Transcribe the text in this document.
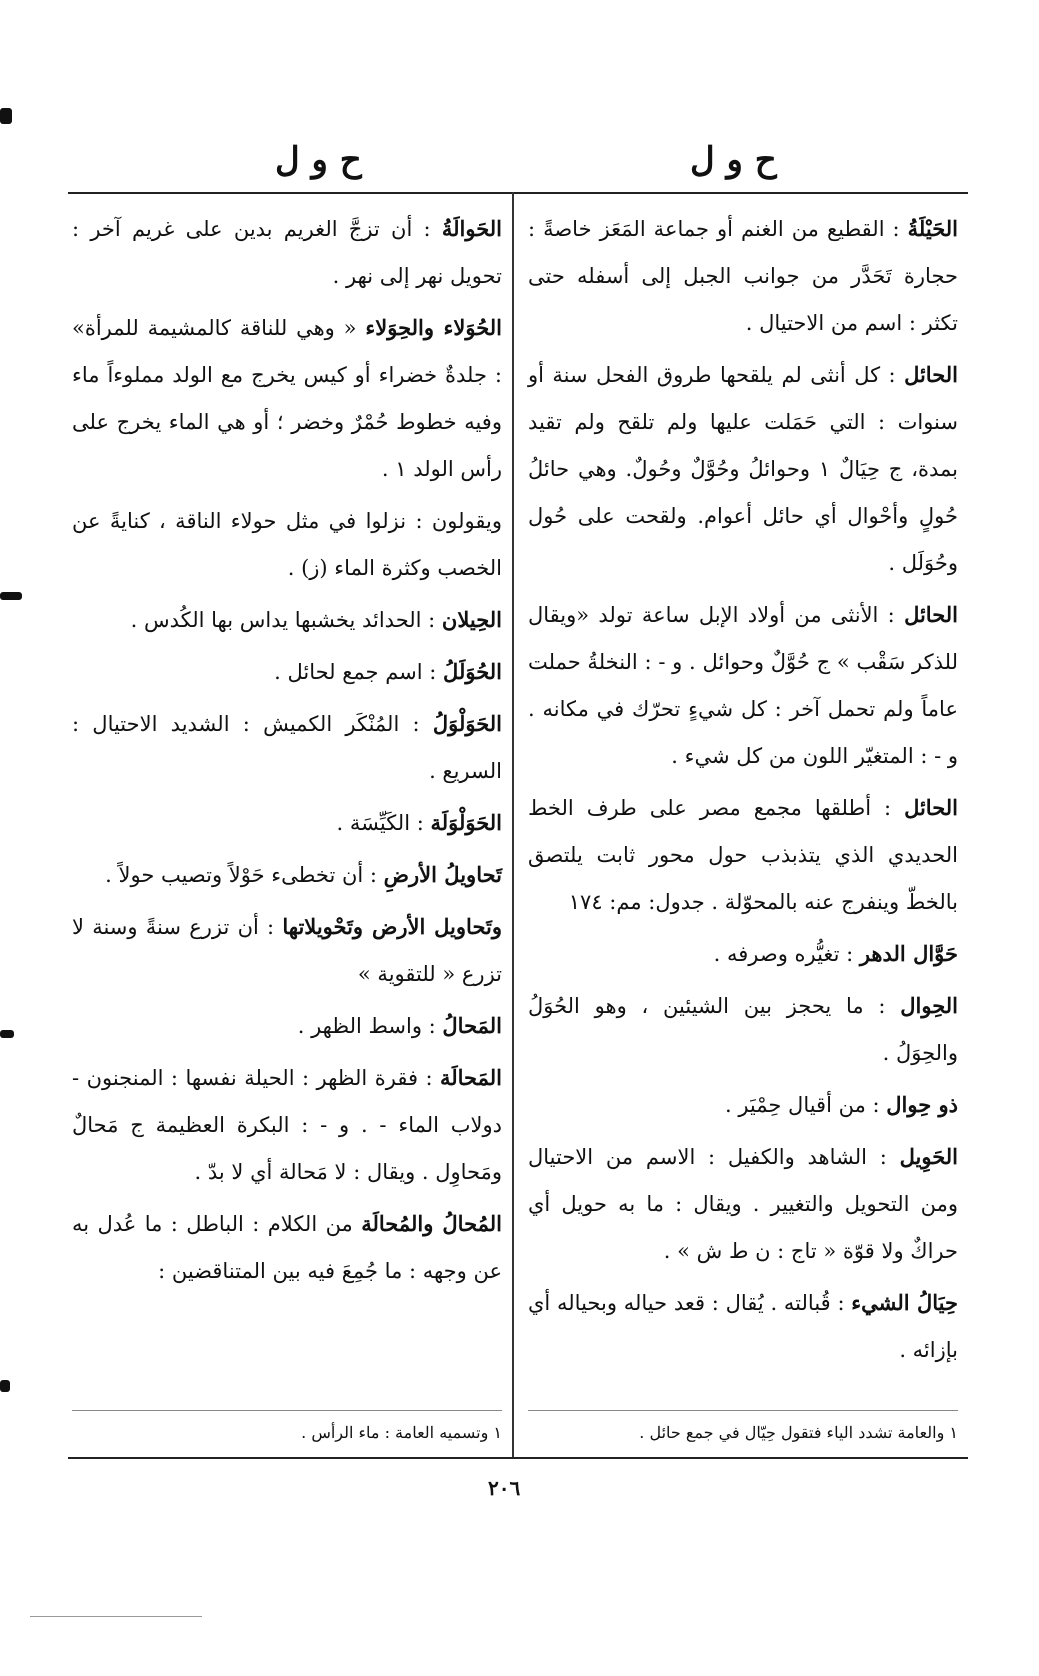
ح و ل
ح و ل

الحَيْلَةُ : القطيع من الغنم أو جماعة المَعَز خاصةً : حجارة تَحَدَّر من جوانب الجبل إلى أسفله حتى تكثر : اسم من الاحتيال .

الحائل : كل أنثى لم يلقحها طروق الفحل سنة أو سنوات : التي حَمَلت عليها ولم تلقح ولم تقيد بمدة، ج حِيَالٌ ١ وحوائلُ وحُوَّلٌ وحُولٌ. وهي حائلُ حُولٍ وأحْوال أي حائل أعوام. ولقحت على حُول وحُوَلَل .

الحائل : الأنثى من أولاد الإبل ساعة تولد «ويقال للذكر سَقْب » ج حُوَّلٌ وحوائل . و - : النخلةُ حملت عاماً ولم تحمل آخر : كل شيءٍ تحرّك في مكانه . و - : المتغيّر اللون من كل شيء .

الحائل : أطلقها مجمع مصر على طرف الخط الحديدي الذي يتذبذب حول محور ثابت يلتصق بالخطّ وينفرج عنه بالمحوّلة . جدول: مم: ١٧٤

حَوَّال الدهر : تغيُّره وصرفه .

الحِوال : ما يحجز بين الشيئين ، وهو الحُوَلُ والحِوَلُ .

ذو حِوال : من أقيال حِمْيَر .

الحَوِيل : الشاهد والكفيل : الاسم من الاحتيال ومن التحويل والتغيير . ويقال : ما به حويل أي حراكٌ ولا قوّة « تاج : ن ط ش » .

حِيَالُ الشيء : قُبالته . يُقال : قعد حياله وبحياله أي بإزائه .

الحَوالَةُ : أن تزجَّ الغريم بدين على غريم آخر : تحويل نهر إلى نهر .

الحُوَلاء والحِوَلاء « وهي للناقة كالمشيمة للمرأة» : جلدةٌ خضراء أو كيس يخرج مع الولد مملوءاً ماء وفيه خطوط حُمْرٌ وخضر ؛ أو هي الماء يخرج على رأس الولد ١ .

ويقولون : نزلوا في مثل حولاء الناقة ، كنايةً عن الخصب وكثرة الماء (ز) .

الحِيلان : الحدائد يخشبها يداس بها الكُدس .

الحُوَلَلُ : اسم جمع لحائل .

الحَوَلْوَلُ : المُنْكَر الكميش : الشديد الاحتيال : السريع .

الحَوَلْوَلَة : الكَيِّسَة .

تَحاويلُ الأرضِ : أن تخطىء حَوْلاً وتصيب حولاً .

وتَحاويل الأرض وتَحْويلاتها : أن تزرع سنةً وسنة لا تزرع « للتقوية »

المَحالُ : واسط الظهر .

المَحالَة : فقرة الظهر : الحيلة نفسها : المنجنون - دولاب الماء - . و - : البكرة العظيمة ج مَحالٌ ومَحاوِل . ويقال : لا مَحالة أي لا بدّ .

المُحالُ والمُحالَة من الكلام : الباطل : ما عُدل به عن وجهه : ما جُمِعَ فيه بين المتناقضين :

١ والعامة تشدد الياء فتقول حِيّال في جمع حائل .
١ وتسميه العامة : ماء الرأس .
٢٠٦
